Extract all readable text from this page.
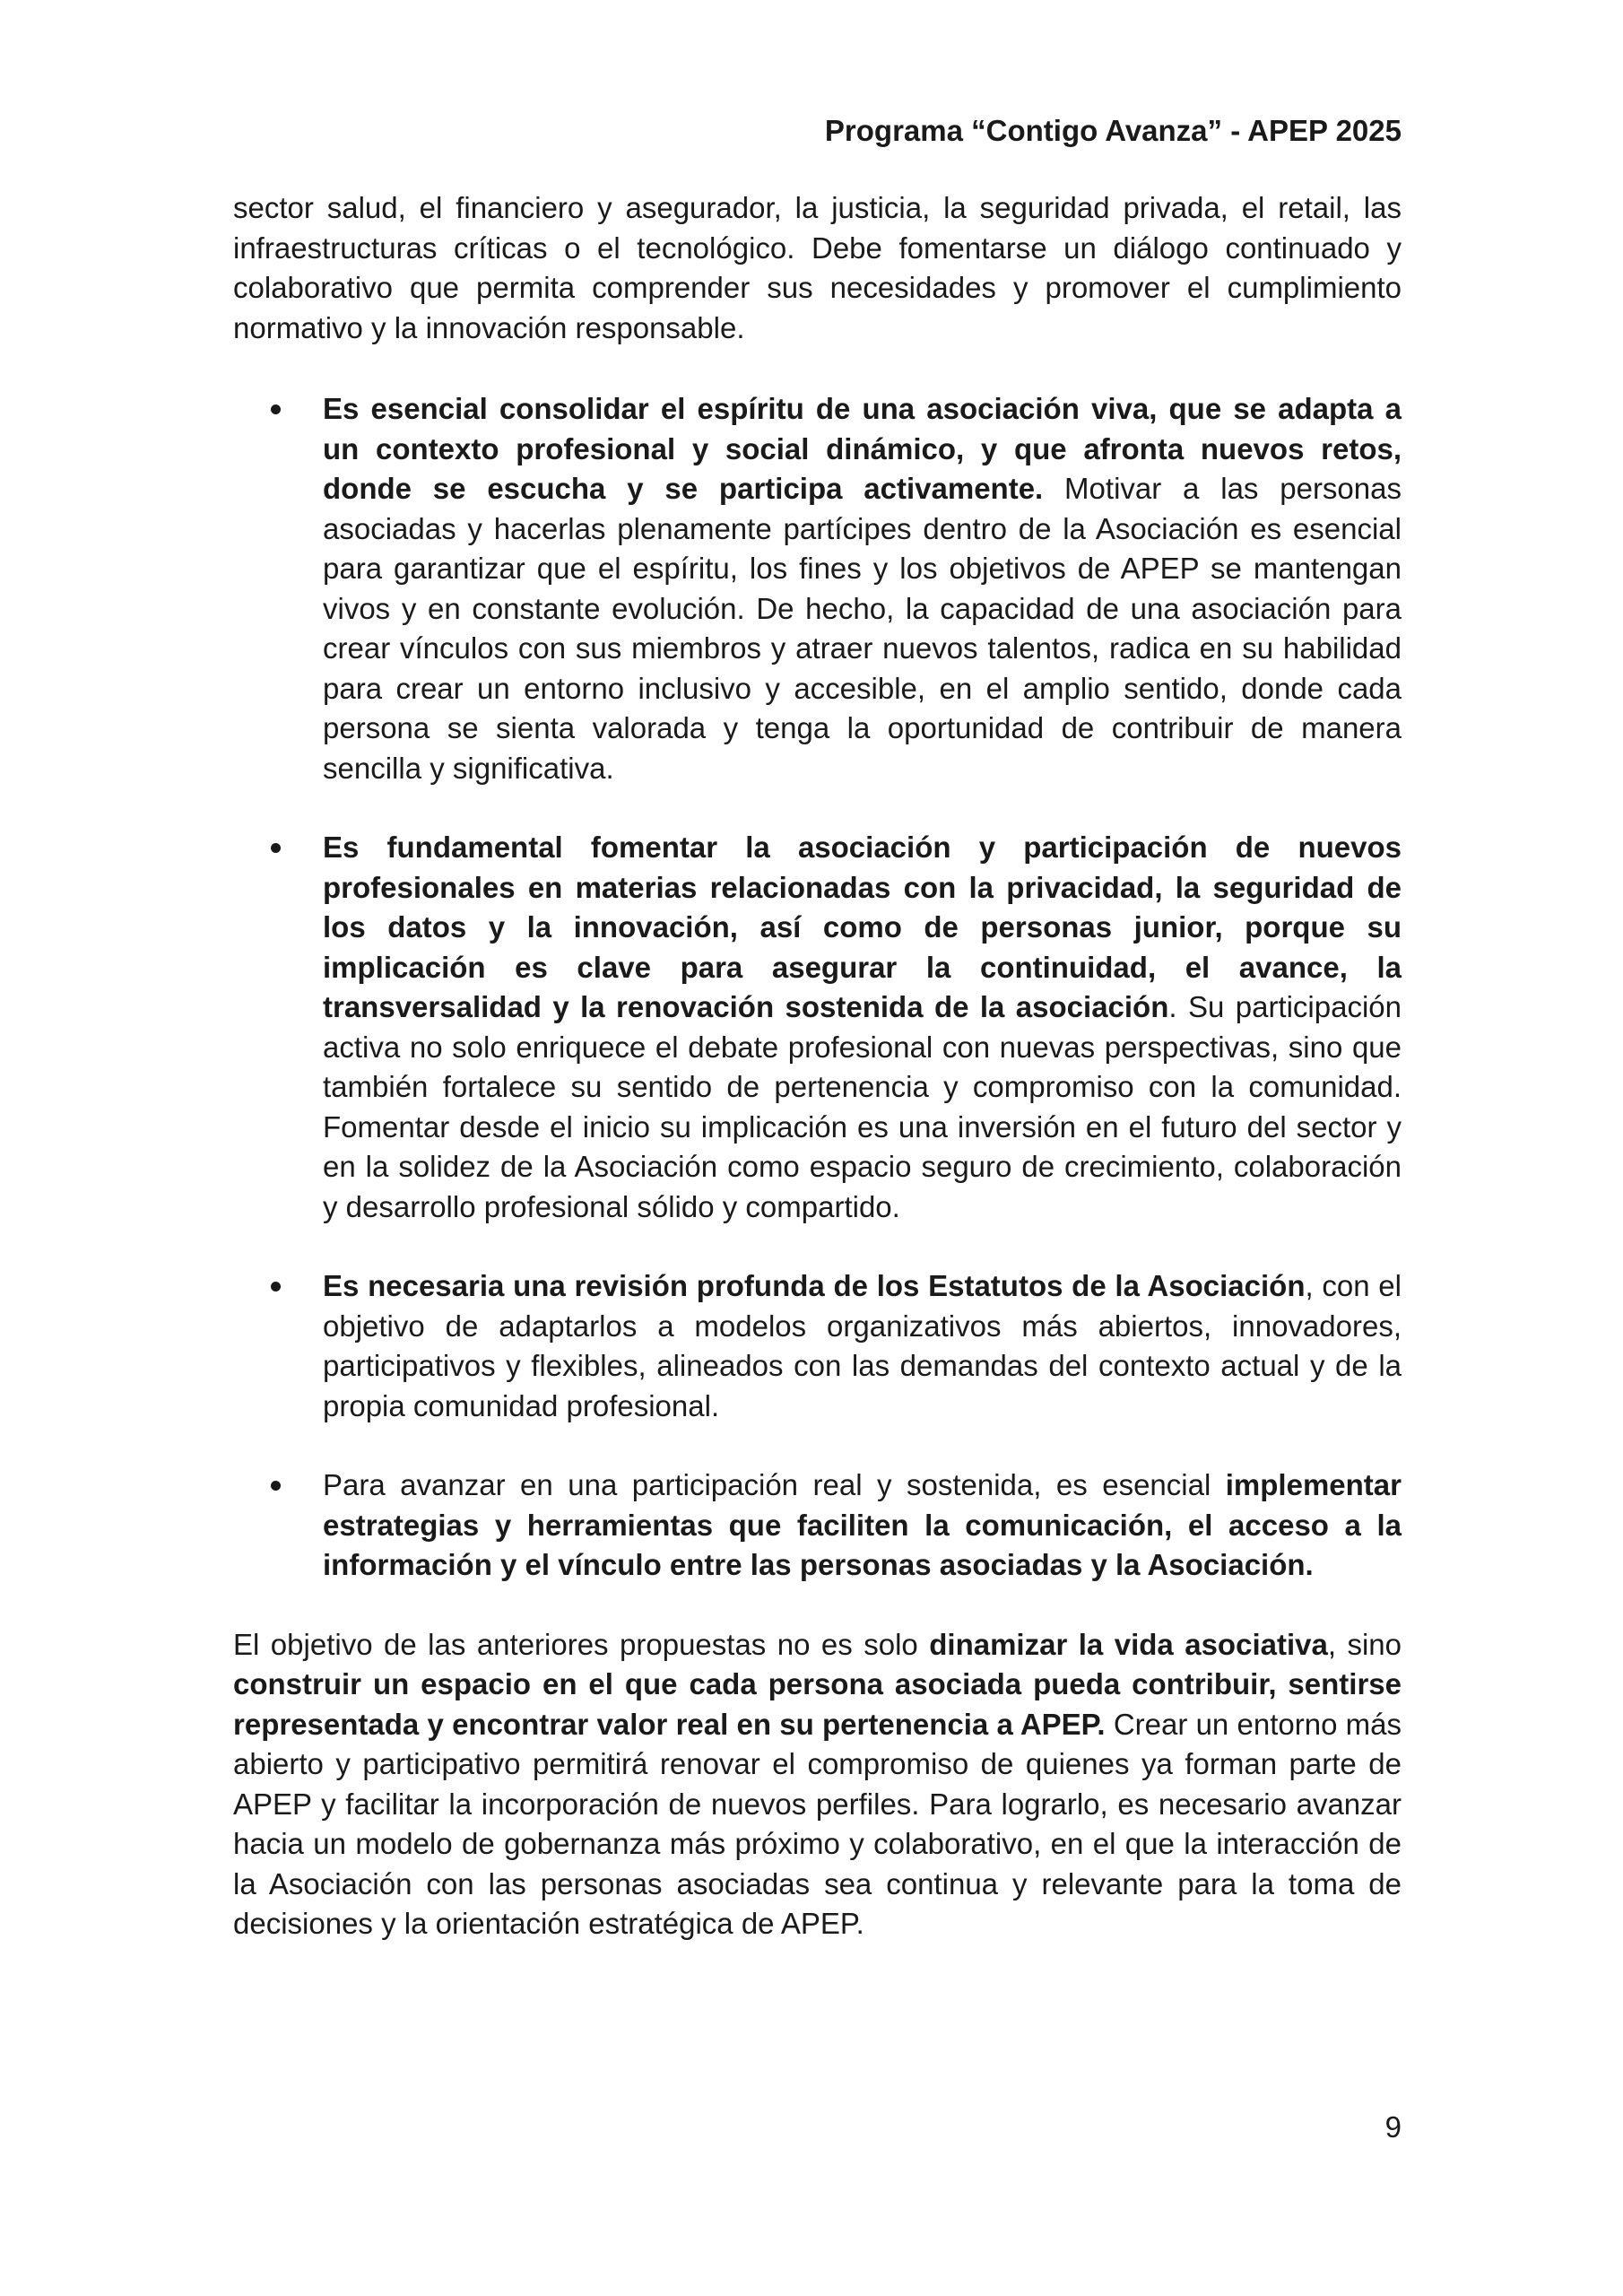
Programa “Contigo Avanza” - APEP 2025

sector salud, el financiero y asegurador, la justicia, la seguridad privada, el retail, las infraestructuras críticas o el tecnológico. Debe fomentarse un diálogo continuado y colaborativo que permita comprender sus necesidades y promover el cumplimiento normativo y la innovación responsable.

Es esencial consolidar el espíritu de una asociación viva, que se adapta a un contexto profesional y social dinámico, y que afronta nuevos retos, donde se escucha y se participa activamente. Motivar a las personas asociadas y hacerlas plenamente partícipes dentro de la Asociación es esencial para garantizar que el espíritu, los fines y los objetivos de APEP se mantengan vivos y en constante evolución. De hecho, la capacidad de una asociación para crear vínculos con sus miembros y atraer nuevos talentos, radica en su habilidad para crear un entorno inclusivo y accesible, en el amplio sentido, donde cada persona se sienta valorada y tenga la oportunidad de contribuir de manera sencilla y significativa.
Es fundamental fomentar la asociación y participación de nuevos profesionales en materias relacionadas con la privacidad, la seguridad de los datos y la innovación, así como de personas junior, porque su implicación es clave para asegurar la continuidad, el avance, la transversalidad y la renovación sostenida de la asociación. Su participación activa no solo enriquece el debate profesional con nuevas perspectivas, sino que también fortalece su sentido de pertenencia y compromiso con la comunidad. Fomentar desde el inicio su implicación es una inversión en el futuro del sector y en la solidez de la Asociación como espacio seguro de crecimiento, colaboración y desarrollo profesional sólido y compartido.
Es necesaria una revisión profunda de los Estatutos de la Asociación, con el objetivo de adaptarlos a modelos organizativos más abiertos, innovadores, participativos y flexibles, alineados con las demandas del contexto actual y de la propia comunidad profesional.
Para avanzar en una participación real y sostenida, es esencial implementar estrategias y herramientas que faciliten la comunicación, el acceso a la información y el vínculo entre las personas asociadas y la Asociación.

El objetivo de las anteriores propuestas no es solo dinamizar la vida asociativa, sino construir un espacio en el que cada persona asociada pueda contribuir, sentirse representada y encontrar valor real en su pertenencia a APEP. Crear un entorno más abierto y participativo permitirá renovar el compromiso de quienes ya forman parte de APEP y facilitar la incorporación de nuevos perfiles. Para lograrlo, es necesario avanzar hacia un modelo de gobernanza más próximo y colaborativo, en el que la interacción de la Asociación con las personas asociadas sea continua y relevante para la toma de decisiones y la orientación estratégica de APEP.

9
